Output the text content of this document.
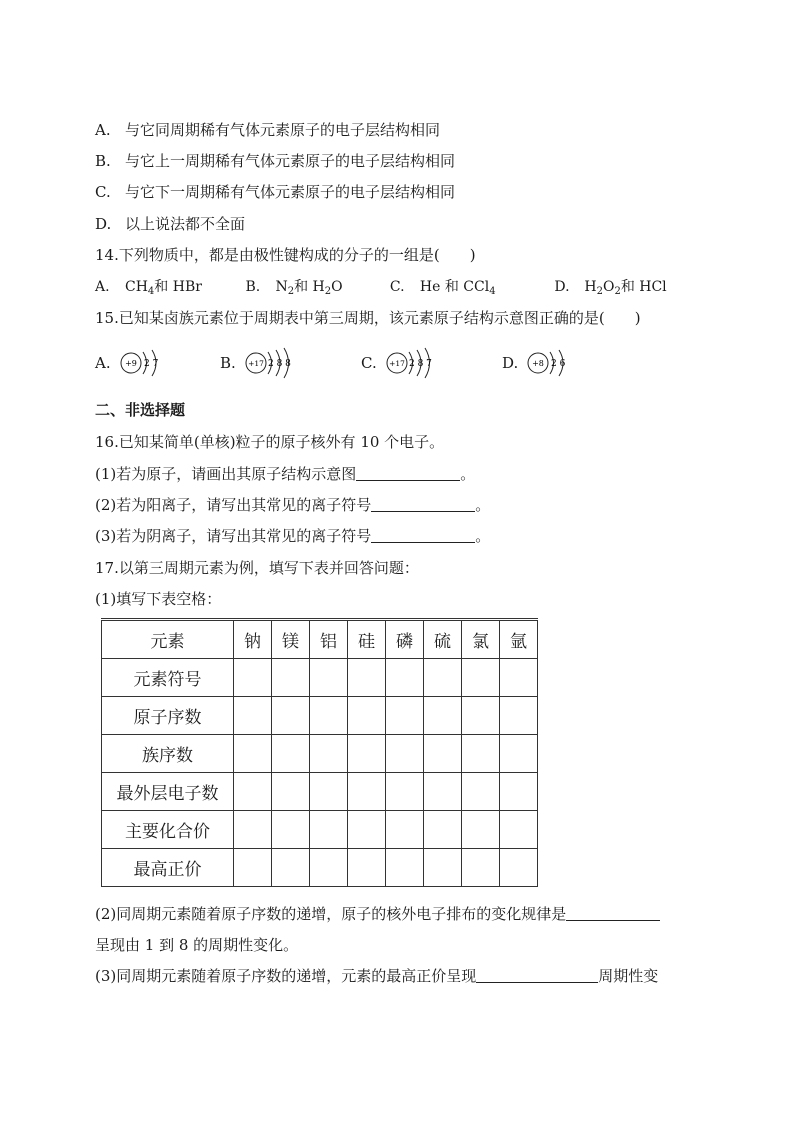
A. 与它同周期稀有气体元素原子的电子层结构相同
B. 与它上一周期稀有气体元素原子的电子层结构相同
C. 与它下一周期稀有气体元素原子的电子层结构相同
D. 以上说法都不全面
14.下列物质中，都是由极性键构成的分子的一组是(　　)
A. $CH_4$和 HBr	B. $N_2$和 $H_2O$	C. He 和 CCl$_4$	D. $H_2O_2$和 HCl
15.已知某卤族元素位于周期表中第三周期，该元素原子结构示意图正确的是(　　)
A. +9 2 7	B. +17 2 8 8	C. +17 2 8 7	D. +8 2 6
二、非选择题
16.已知某简单(单核)粒子的原子核外有 10 个电子。
(1)若为原子，请画出其原子结构示意图	。
(2)若为阳离子，请写出其常见的离子符号	。
(3)若为阴离子，请写出其常见的离子符号	。
17.以第三周期元素为例，填写下表并回答问题：
(1)填写下表空格：
元素	钠	镁	铝	硅	磷	硫	氯	氩
元素符号								
原子序数								
族序数								
最外层电子数								
主要化合价								
最高正价								
(2)同周期元素随着原子序数的递增，原子的核外电子排布的变化规律是
呈现由 1 到 8 的周期性变化。
(3)同周期元素随着原子序数的递增，元素的最高正价呈现	周期性变
